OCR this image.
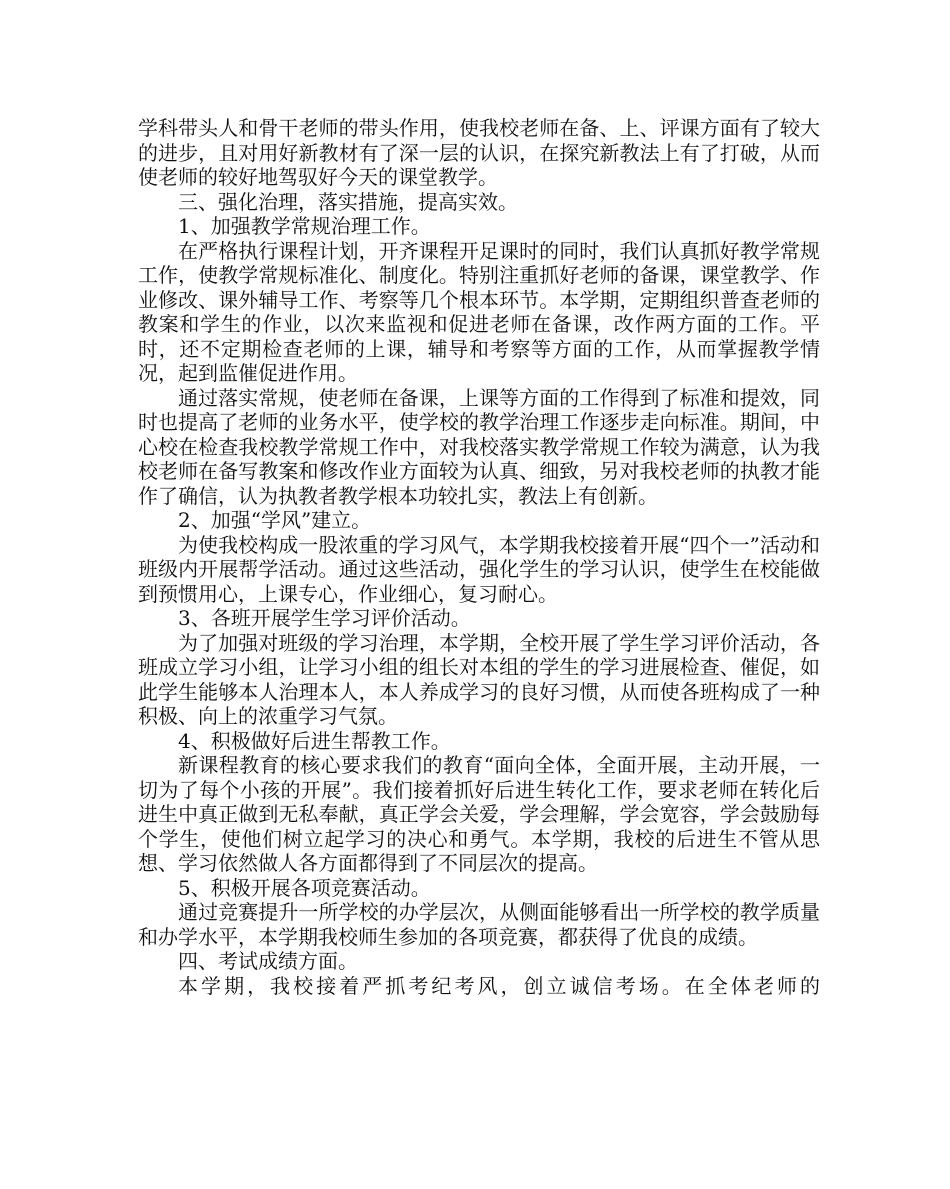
学科带头人和骨干老师的带头作用，使我校老师在备、上、评课方面有了较大的进步，且对用好新教材有了深一层的认识，在探究新教法上有了打破，从而使老师的较好地驾驭好今天的课堂教学。

三、强化治理，落实措施，提高实效。

1、加强教学常规治理工作。

在严格执行课程计划，开齐课程开足课时的同时，我们认真抓好教学常规工作，使教学常规标准化、制度化。特别注重抓好老师的备课，课堂教学、作业修改、课外辅导工作、考察等几个根本环节。本学期，定期组织普查老师的教案和学生的作业，以次来监视和促进老师在备课，改作两方面的工作。平时，还不定期检查老师的上课，辅导和考察等方面的工作，从而掌握教学情况，起到监催促进作用。

通过落实常规，使老师在备课，上课等方面的工作得到了标准和提效，同时也提高了老师的业务水平，使学校的教学治理工作逐步走向标准。期间，中心校在检查我校教学常规工作中，对我校落实教学常规工作较为满意，认为我校老师在备写教案和修改作业方面较为认真、细致，另对我校老师的执教才能作了确信，认为执教者教学根本功较扎实，教法上有创新。

2、加强“学风”建立。

为使我校构成一股浓重的学习风气，本学期我校接着开展“四个一”活动和班级内开展帮学活动。通过这些活动，强化学生的学习认识，使学生在校能做到预惯用心，上课专心，作业细心，复习耐心。

3、各班开展学生学习评价活动。

为了加强对班级的学习治理，本学期，全校开展了学生学习评价活动，各班成立学习小组，让学习小组的组长对本组的学生的学习进展检查、催促，如此学生能够本人治理本人，本人养成学习的良好习惯，从而使各班构成了一种积极、向上的浓重学习气氛。

4、积极做好后进生帮教工作。

新课程教育的核心要求我们的教育“面向全体，全面开展，主动开展，一切为了每个小孩的开展”。我们接着抓好后进生转化工作，要求老师在转化后进生中真正做到无私奉献，真正学会关爱，学会理解，学会宽容，学会鼓励每个学生，使他们树立起学习的决心和勇气。本学期，我校的后进生不管从思想、学习依然做人各方面都得到了不同层次的提高。

5、积极开展各项竞赛活动。

通过竞赛提升一所学校的办学层次，从侧面能够看出一所学校的教学质量和办学水平，本学期我校师生参加的各项竞赛，都获得了优良的成绩。

四、考试成绩方面。

本学期，我校接着严抓考纪考风，创立诚信考场。在全体老师的
